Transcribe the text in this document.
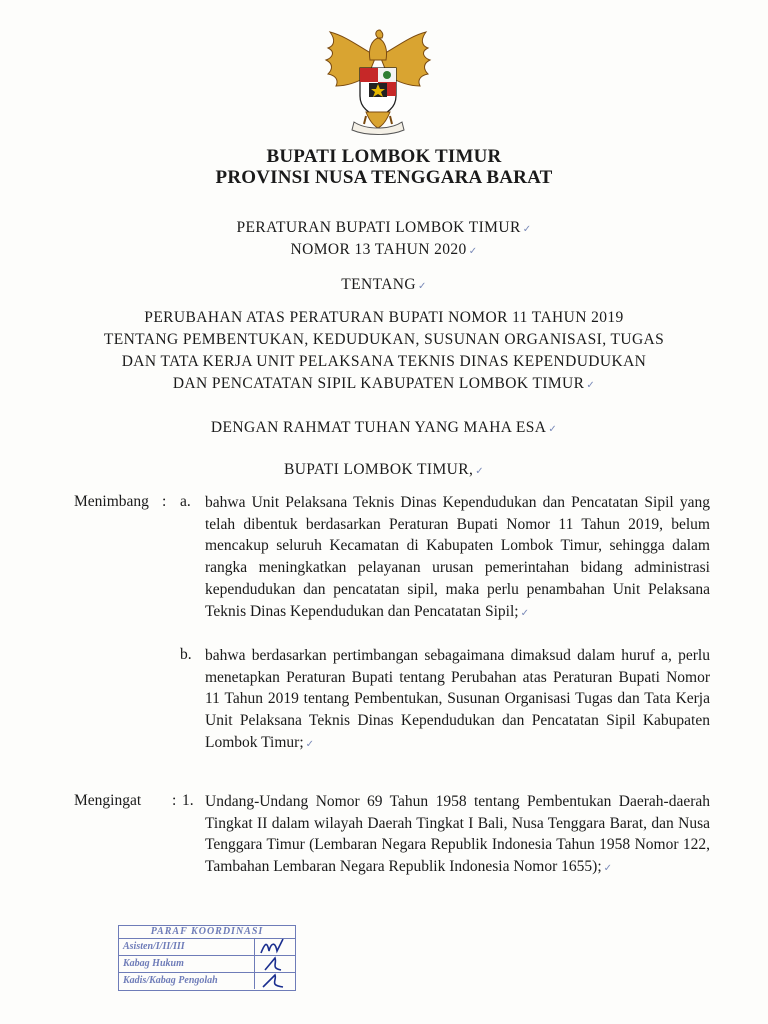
BUPATI LOMBOK TIMUR
PROVINSI NUSA TENGGARA BARAT
PERATURAN BUPATI LOMBOK TIMUR ✓
NOMOR 13 TAHUN 2020 ✓
TENTANG ✓
PERUBAHAN ATAS PERATURAN BUPATI NOMOR 11 TAHUN 2019
TENTANG PEMBENTUKAN, KEDUDUKAN, SUSUNAN ORGANISASI, TUGAS
DAN TATA KERJA UNIT PELAKSANA TEKNIS DINAS KEPENDUDUKAN
DAN PENCATATAN SIPIL KABUPATEN LOMBOK TIMUR ✓
DENGAN RAHMAT TUHAN YANG MAHA ESA ✓
BUPATI LOMBOK TIMUR, ✓
Menimbang : a. bahwa Unit Pelaksana Teknis Dinas Kependudukan dan Pencatatan Sipil yang telah dibentuk berdasarkan Peraturan Bupati Nomor 11 Tahun 2019, belum mencakup seluruh Kecamatan di Kabupaten Lombok Timur, sehingga dalam rangka meningkatkan pelayanan urusan pemerintahan bidang administrasi kependudukan dan pencatatan sipil, maka perlu penambahan Unit Pelaksana Teknis Dinas Kependudukan dan Pencatatan Sipil; ✓
b. bahwa berdasarkan pertimbangan sebagaimana dimaksud dalam huruf a, perlu menetapkan Peraturan Bupati tentang Perubahan atas Peraturan Bupati Nomor 11 Tahun 2019 tentang Pembentukan, Susunan Organisasi Tugas dan Tata Kerja Unit Pelaksana Teknis Dinas Kependudukan dan Pencatatan Sipil Kabupaten Lombok Timur; ✓
Mengingat : 1. Undang-Undang Nomor 69 Tahun 1958 tentang Pembentukan Daerah-daerah Tingkat II dalam wilayah Daerah Tingkat I Bali, Nusa Tenggara Barat, dan Nusa Tenggara Timur (Lembaran Negara Republik Indonesia Tahun 1958 Nomor 122, Tambahan Lembaran Negara Republik Indonesia Nomor 1655); ✓
PARAF KOORDINASI
Asisten/I/II/III
Kabag Hukum
Kadis/Kabag Pengolah
